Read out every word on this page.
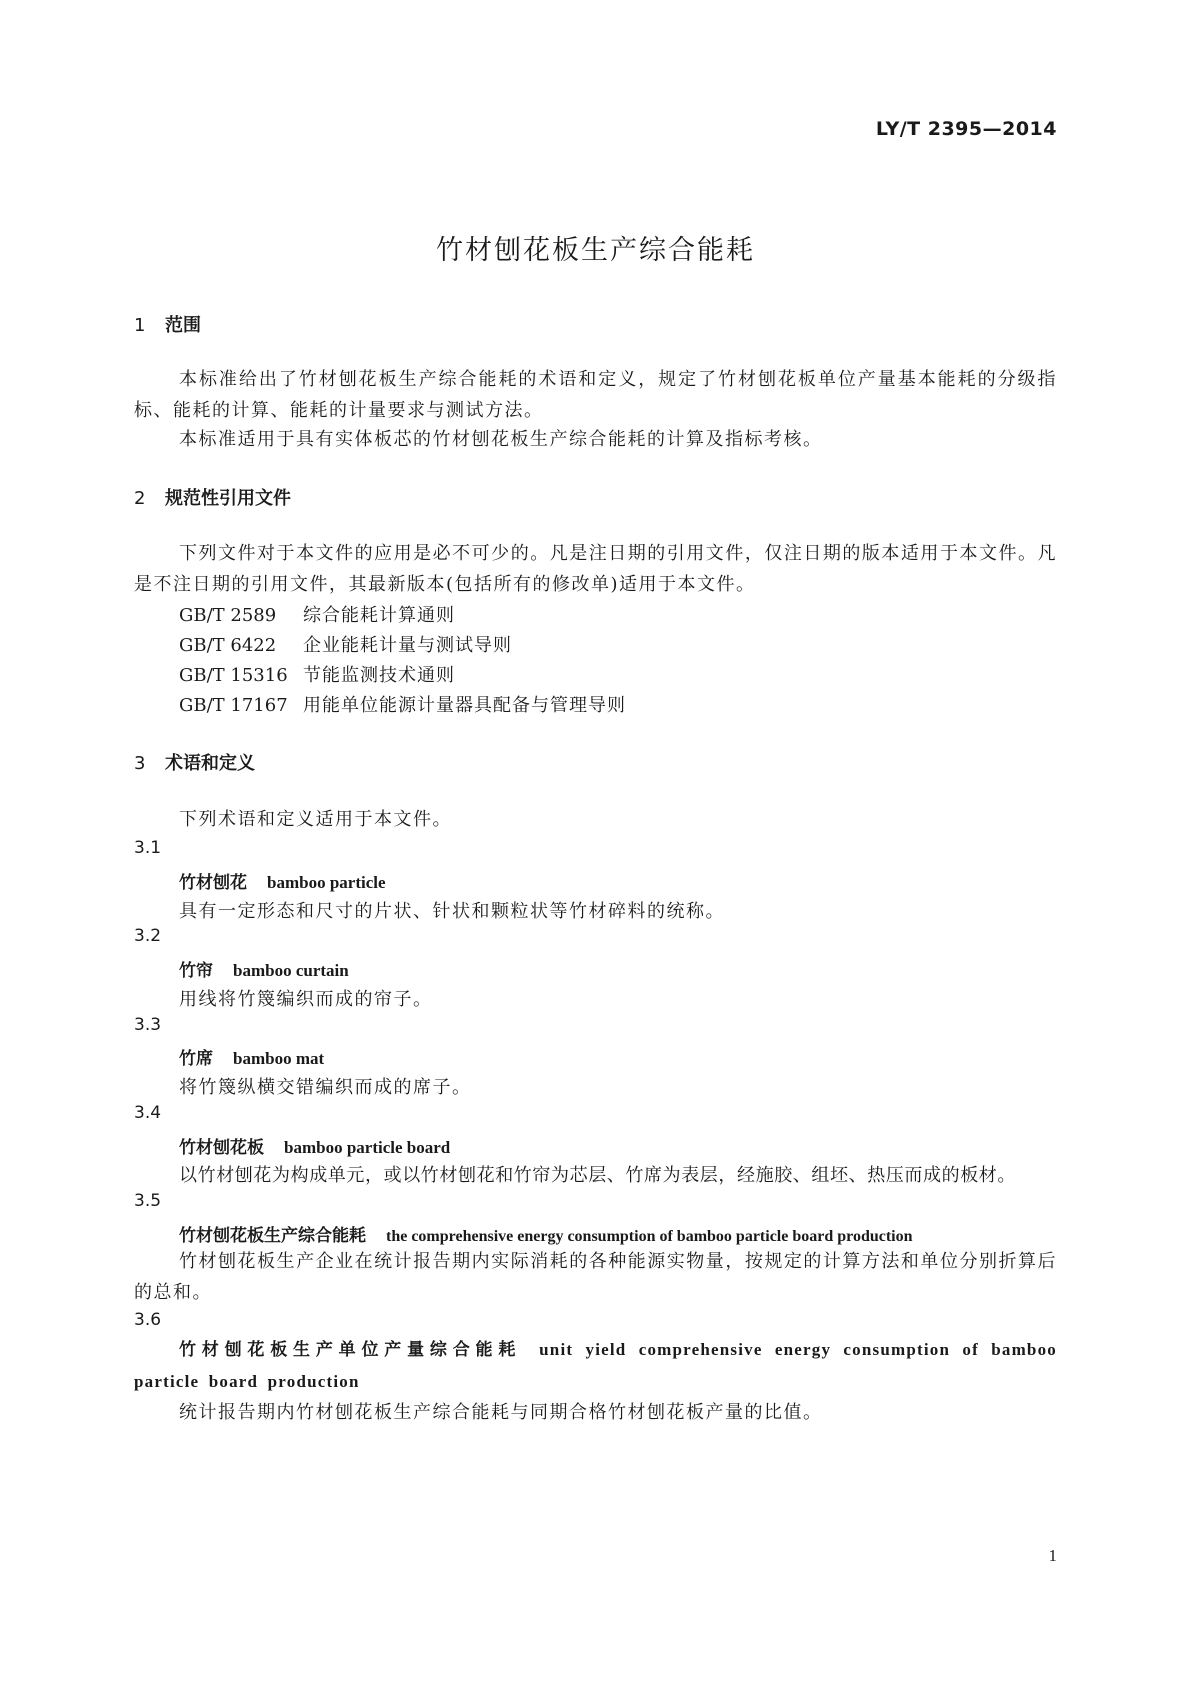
LY/T 2395—2014
竹材刨花板生产综合能耗
1 范围
本标准给出了竹材刨花板生产综合能耗的术语和定义，规定了竹材刨花板单位产量基本能耗的分级指标、能耗的计算、能耗的计量要求与测试方法。
本标准适用于具有实体板芯的竹材刨花板生产综合能耗的计算及指标考核。
2 规范性引用文件
下列文件对于本文件的应用是必不可少的。凡是注日期的引用文件，仅注日期的版本适用于本文件。凡是不注日期的引用文件，其最新版本(包括所有的修改单)适用于本文件。
GB/T 2589 综合能耗计算通则
GB/T 6422 企业能耗计量与测试导则
GB/T 15316 节能监测技术通则
GB/T 17167 用能单位能源计量器具配备与管理导则
3 术语和定义
下列术语和定义适用于本文件。
3.1
竹材刨花 bamboo particle
具有一定形态和尺寸的片状、针状和颗粒状等竹材碎料的统称。
3.2
竹帘 bamboo curtain
用线将竹篾编织而成的帘子。
3.3
竹席 bamboo mat
将竹篾纵横交错编织而成的席子。
3.4
竹材刨花板 bamboo particle board
以竹材刨花为构成单元，或以竹材刨花和竹帘为芯层、竹席为表层，经施胶、组坯、热压而成的板材。
3.5
竹材刨花板生产综合能耗 the comprehensive energy consumption of bamboo particle board production
竹材刨花板生产企业在统计报告期内实际消耗的各种能源实物量，按规定的计算方法和单位分别折算后的总和。
3.6
竹材刨花板生产单位产量综合能耗 unit yield comprehensive energy consumption of bamboo particle board production
统计报告期内竹材刨花板生产综合能耗与同期合格竹材刨花板产量的比值。
1
